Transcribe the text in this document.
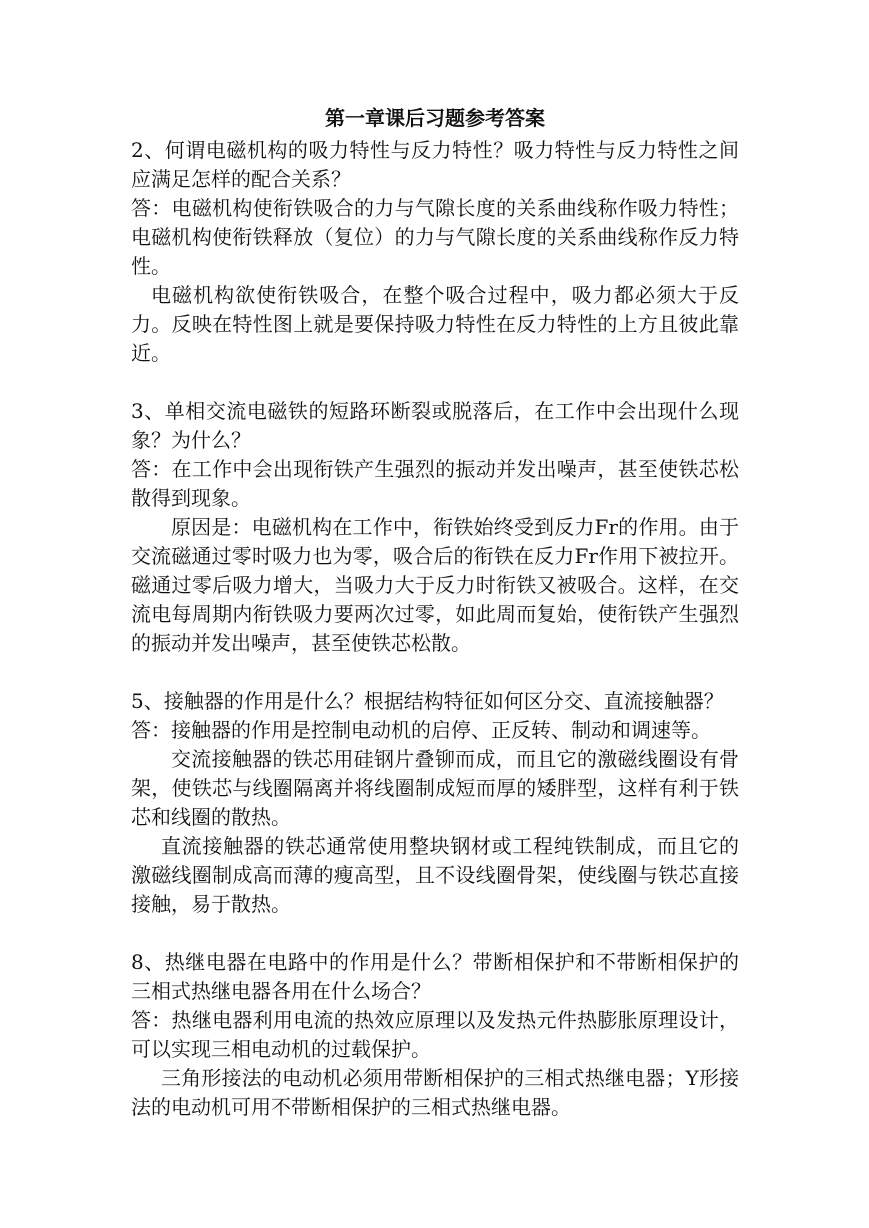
第一章课后习题参考答案

2、何谓电磁机构的吸力特性与反力特性？吸力特性与反力特性之间应满足怎样的配合关系？

答：电磁机构使衔铁吸合的力与气隙长度的关系曲线称作吸力特性；电磁机构使衔铁释放（复位）的力与气隙长度的关系曲线称作反力特性。

电磁机构欲使衔铁吸合，在整个吸合过程中，吸力都必须大于反力。反映在特性图上就是要保持吸力特性在反力特性的上方且彼此靠近。

3、单相交流电磁铁的短路环断裂或脱落后，在工作中会出现什么现象？为什么？

答：在工作中会出现衔铁产生强烈的振动并发出噪声，甚至使铁芯松散得到现象。

原因是：电磁机构在工作中，衔铁始终受到反力Fr的作用。由于交流磁通过零时吸力也为零，吸合后的衔铁在反力Fr作用下被拉开。磁通过零后吸力增大，当吸力大于反力时衔铁又被吸合。这样，在交流电每周期内衔铁吸力要两次过零，如此周而复始，使衔铁产生强烈的振动并发出噪声，甚至使铁芯松散。

5、接触器的作用是什么？根据结构特征如何区分交、直流接触器？

答：接触器的作用是控制电动机的启停、正反转、制动和调速等。

交流接触器的铁芯用硅钢片叠铆而成，而且它的激磁线圈设有骨架，使铁芯与线圈隔离并将线圈制成短而厚的矮胖型，这样有利于铁芯和线圈的散热。

直流接触器的铁芯通常使用整块钢材或工程纯铁制成，而且它的激磁线圈制成高而薄的瘦高型，且不设线圈骨架，使线圈与铁芯直接接触，易于散热。

8、热继电器在电路中的作用是什么？带断相保护和不带断相保护的三相式热继电器各用在什么场合？

答：热继电器利用电流的热效应原理以及发热元件热膨胀原理设计，可以实现三相电动机的过载保护。

三角形接法的电动机必须用带断相保护的三相式热继电器；Y形接法的电动机可用不带断相保护的三相式热继电器。
